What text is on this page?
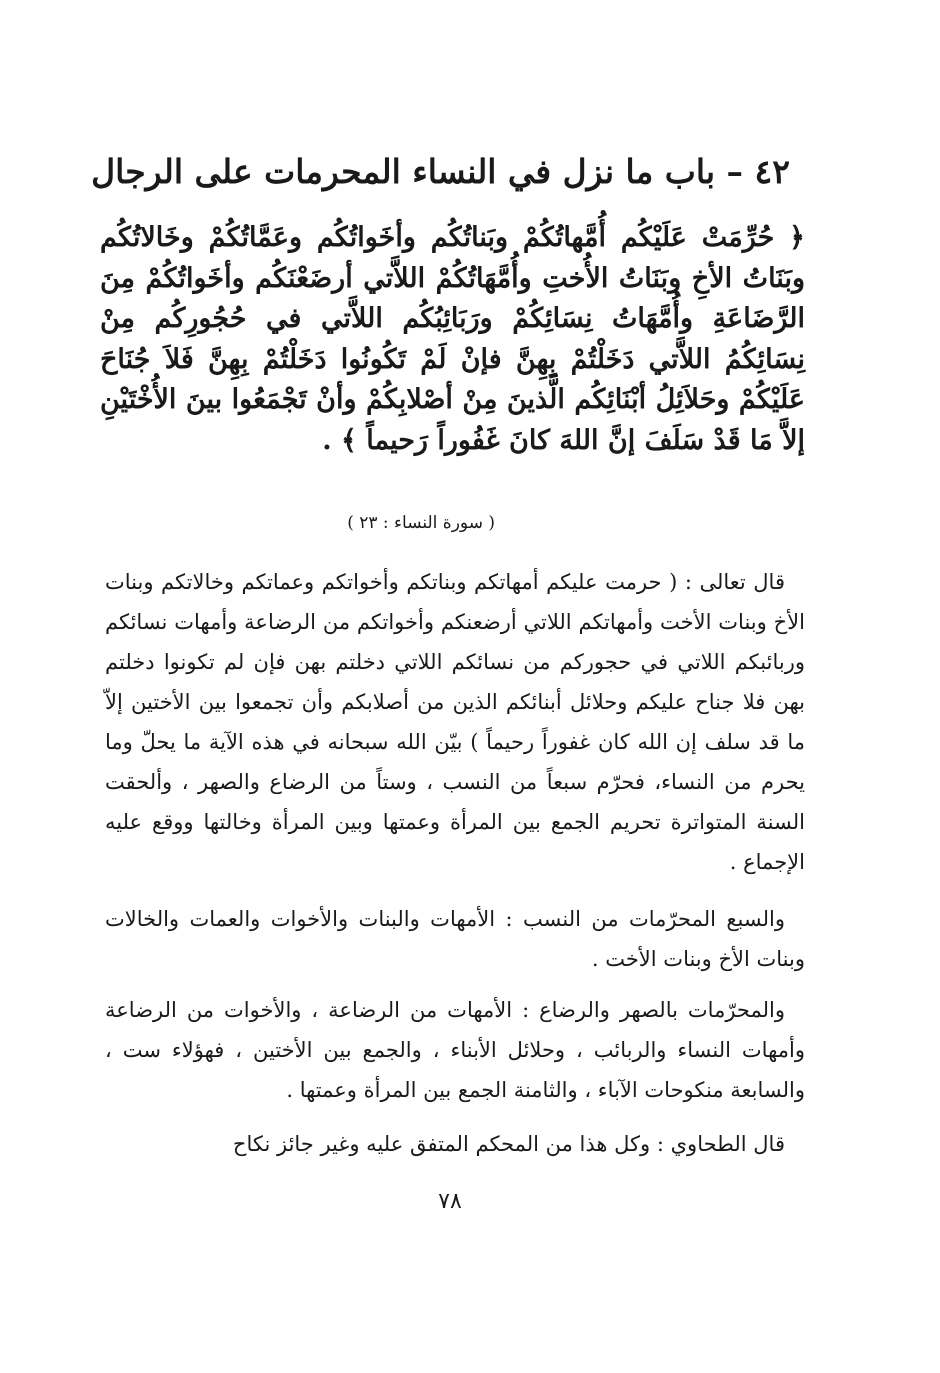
٤٢ – باب ما نزل في النساء المحرمات على الرجال
﴿ حُرِّمَتْ عَلَيْكُم أُمَّهاتُكُمْ وبَناتُكُم وأخَواتُكُم وعَمَّاتُكُمْ وخَالاتُكُم وبَنَاتُ الأخِ وبَنَاتُ الأُختِ وأُمَّهَاتُكُمْ اللاَّتي أرضَعْنَكُم وأخَواتُكُمْ مِنَ الرَّضَاعَةِ وأُمَّهَاتُ نِسَائِكُمْ ورَبَائِبُكُم اللاَّتي في حُجُورِكُم مِنْ نِسَائِكُمُ اللاَّتي دَخَلْتُمْ بِهِنَّ فإنْ لَمْ تَكُونُوا دَخَلْتُمْ بِهِنَّ فَلاَ جُنَاحَ عَلَيْكُمْ وحَلاَئِلُ أبْنَائِكُم الَّذينَ مِنْ أصْلابِكُمْ وأنْ تَجْمَعُوا بينَ الأُخْتَيْنِ إلاَّ مَا قَدْ سَلَفَ إنَّ اللهَ كانَ غَفُوراً رَحيماً ﴾ .
( سورة النساء : ٢٣ )

قال تعالى : ( حرمت عليكم أمهاتكم وبناتكم وأخواتكم وعماتكم وخالاتكم وبنات الأخ وبنات الأخت وأمهاتكم اللاتي أرضعنكم وأخواتكم من الرضاعة وأمهات نسائكم وربائبكم اللاتي في حجوركم من نسائكم اللاتي دخلتم بهن فإن لم تكونوا دخلتم بهن فلا جناح عليكم وحلائل أبنائكم الذين من أصلابكم وأن تجمعوا بين الأختين إلاّ ما قد سلف إن الله كان غفوراً رحيماً ) بيّن الله سبحانه في هذه الآية ما يحلّ وما يحرم من النساء، فحرّم سبعاً من النسب ، وستاً من الرضاع والصهر ، وألحقت السنة المتواترة تحريم الجمع بين المرأة وعمتها وبين المرأة وخالتها ووقع عليه الإجماع .

والسبع المحرّمات من النسب : الأمهات والبنات والأخوات والعمات والخالات وبنات الأخ وبنات الأخت .

والمحرّمات بالصهر والرضاع : الأمهات من الرضاعة ، والأخوات من الرضاعة وأمهات النساء والربائب ، وحلائل الأبناء ، والجمع بين الأختين ، فهؤلاء ست ، والسابعة منكوحات الآباء ، والثامنة الجمع بين المرأة وعمتها .

قال الطحاوي : وكل هذا من المحكم المتفق عليه وغير جائز نكاح

٧٨
